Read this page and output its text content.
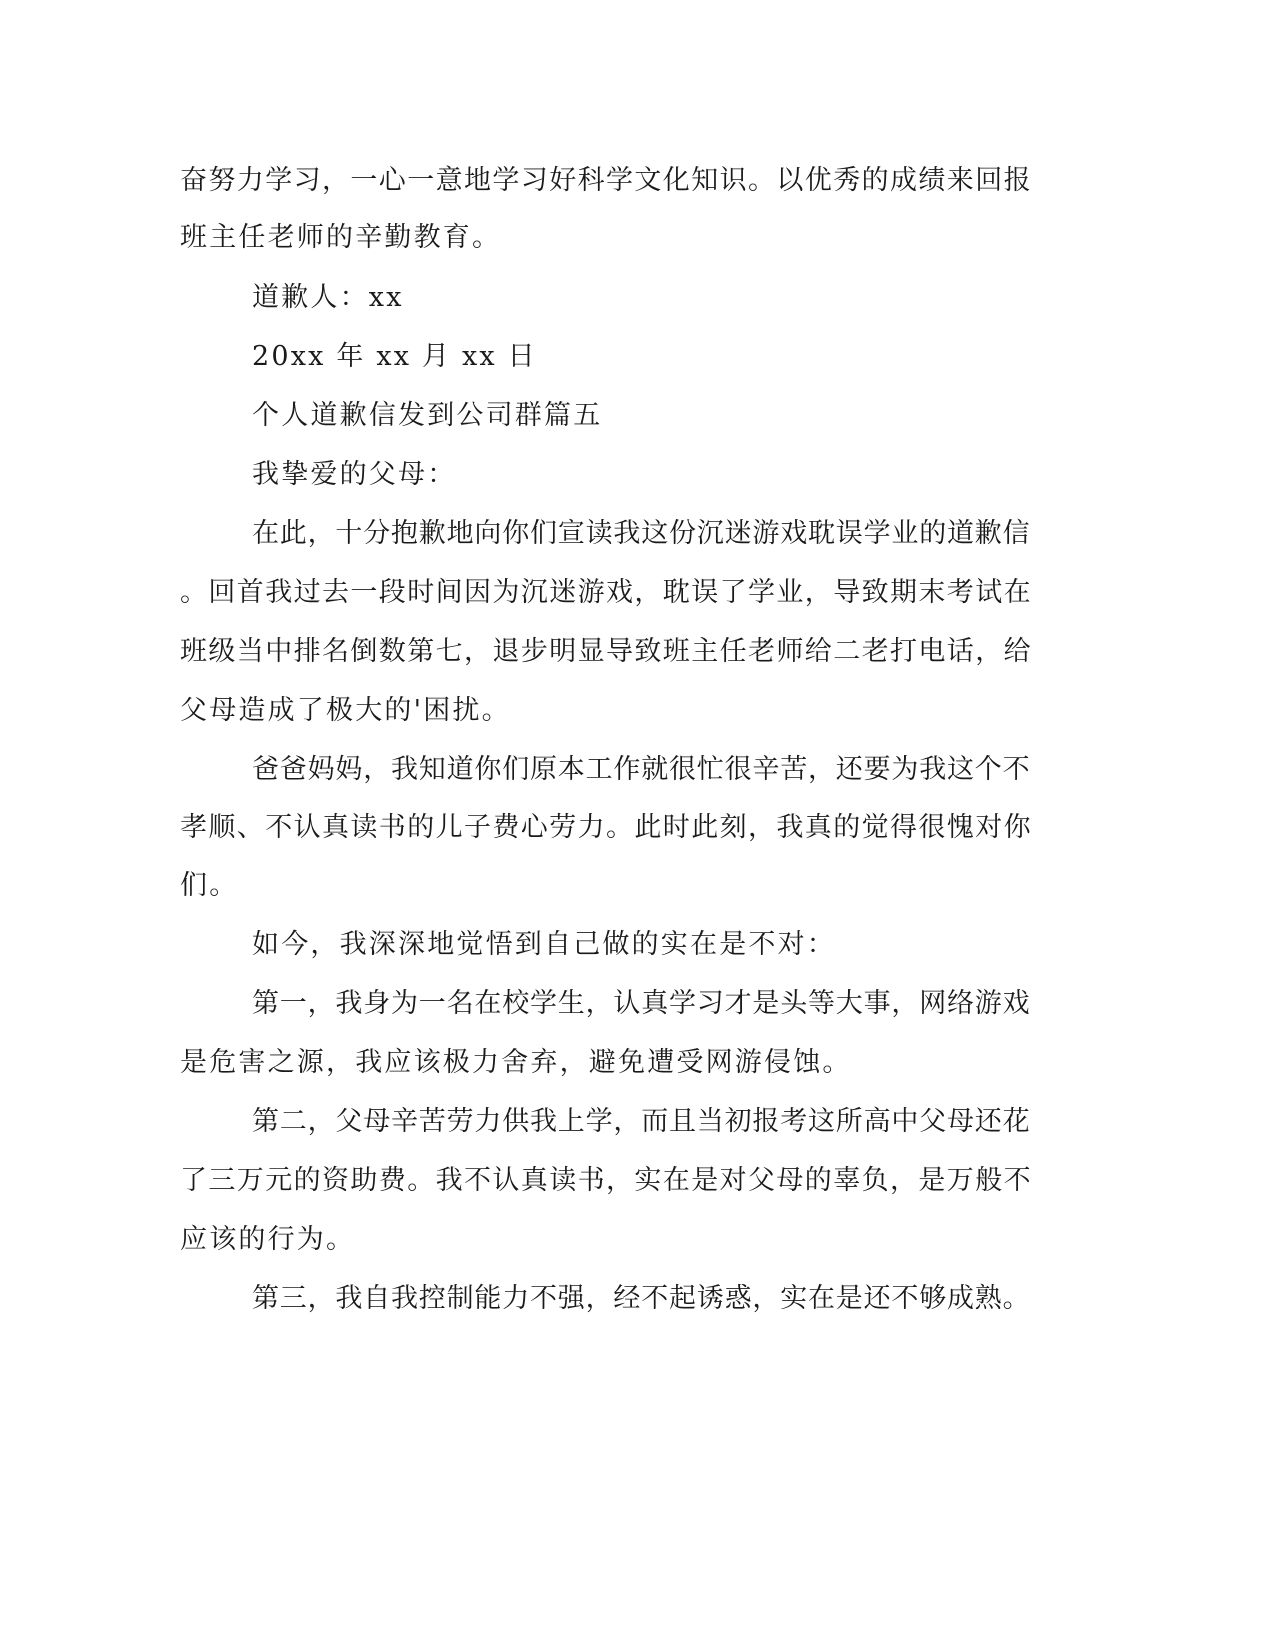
奋努力学习，一心一意地学习好科学文化知识。以优秀的成绩来回报
班主任老师的辛勤教育。
道歉人：xx
20xx 年 xx 月 xx 日
个人道歉信发到公司群篇五
我挚爱的父母：
在此，十分抱歉地向你们宣读我这份沉迷游戏耽误学业的道歉信
。回首我过去一段时间因为沉迷游戏，耽误了学业，导致期末考试在
班级当中排名倒数第七，退步明显导致班主任老师给二老打电话，给
父母造成了极大的'困扰。
爸爸妈妈，我知道你们原本工作就很忙很辛苦，还要为我这个不
孝顺、不认真读书的儿子费心劳力。此时此刻，我真的觉得很愧对你
们。
如今，我深深地觉悟到自己做的实在是不对：
第一，我身为一名在校学生，认真学习才是头等大事，网络游戏
是危害之源，我应该极力舍弃，避免遭受网游侵蚀。
第二，父母辛苦劳力供我上学，而且当初报考这所高中父母还花
了三万元的资助费。我不认真读书，实在是对父母的辜负，是万般不
应该的行为。
第三，我自我控制能力不强，经不起诱惑，实在是还不够成熟。
